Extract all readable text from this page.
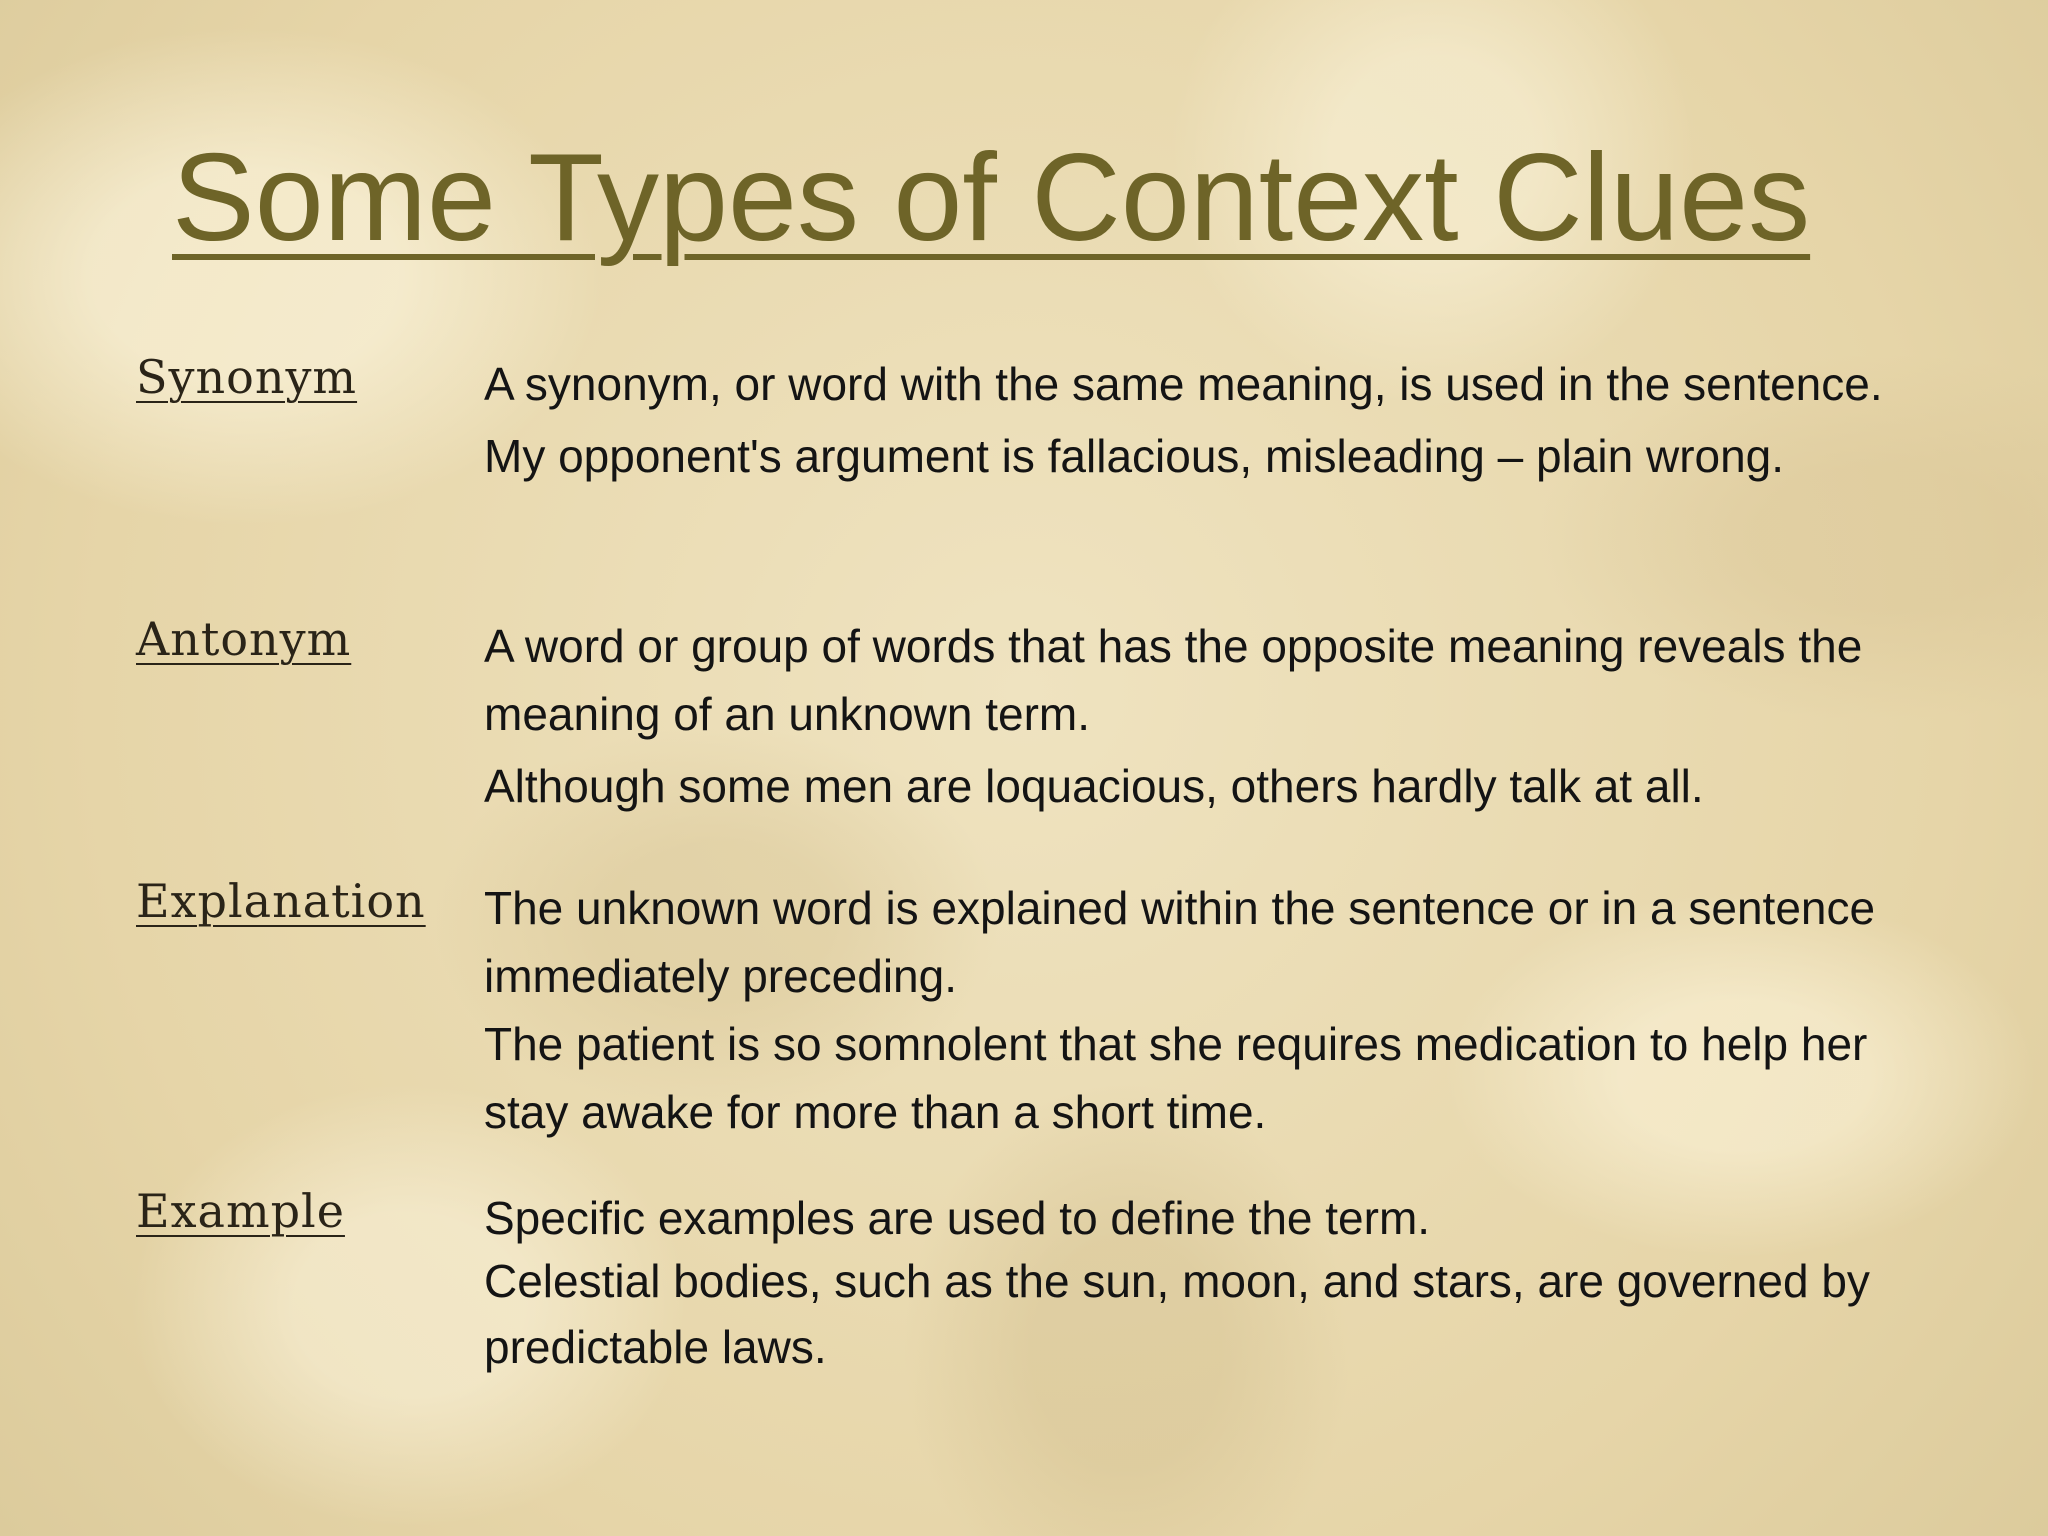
Some Types of Context Clues
Synonym	A synonym, or word with the same meaning, is used in the sentence.

My opponent's argument is fallacious, misleading – plain wrong.

Antonym	A word or group of words that has the opposite meaning reveals the meaning of an unknown term.

Although some men are loquacious, others hardly talk at all.

Explanation The unknown word is explained within the sentence or in a sentence immediately preceding.

The patient is so somnolent that she requires medication to help her stay awake for more than a short time.

Example	Specific examples are used to define the term.

Celestial bodies, such as the sun, moon, and stars, are governed by predictable laws.
